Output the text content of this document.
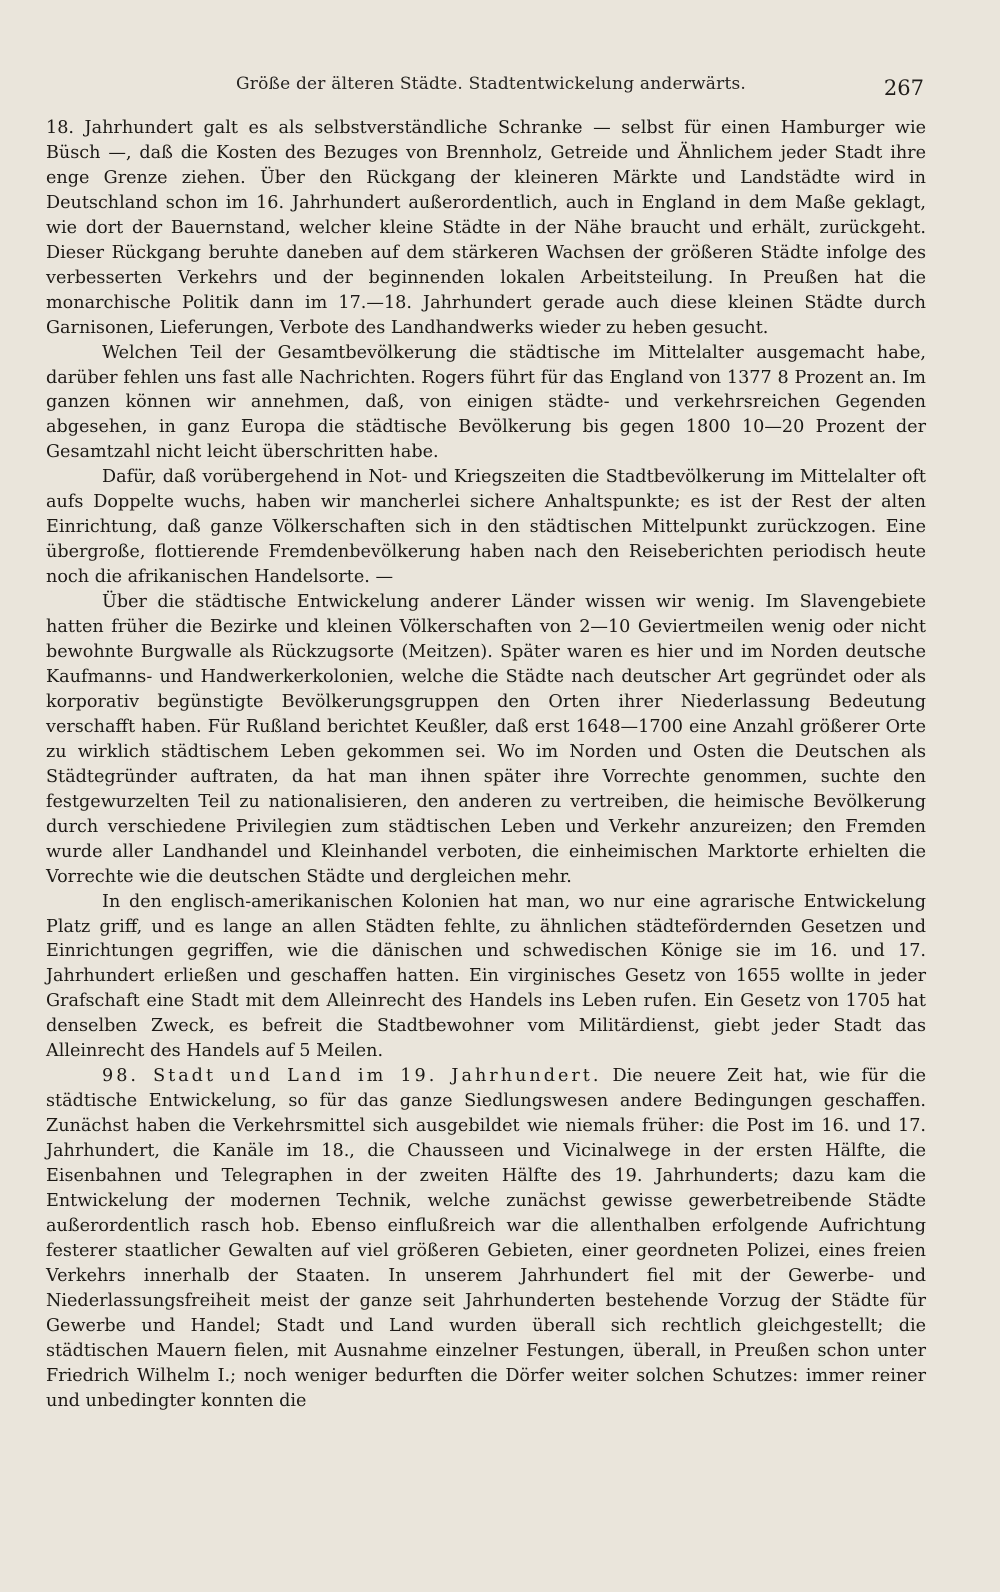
Größe der älteren Städte. Stadtentwickelung anderwärts.	267

18. Jahrhundert galt es als selbstverständliche Schranke — selbst für einen Hamburger wie Büsch —, daß die Kosten des Bezuges von Brennholz, Getreide und Ähnlichem jeder Stadt ihre enge Grenze ziehen. Über den Rückgang der kleineren Märkte und Landstädte wird in Deutschland schon im 16. Jahrhundert außerordentlich, auch in England in dem Maße geklagt, wie dort der Bauernstand, welcher kleine Städte in der Nähe braucht und erhält, zurückgeht. Dieser Rückgang beruhte daneben auf dem stärkeren Wachsen der größeren Städte infolge des verbesserten Verkehrs und der beginnenden lokalen Arbeitsteilung. In Preußen hat die monarchische Politik dann im 17.—18. Jahrhundert gerade auch diese kleinen Städte durch Garnisonen, Lieferungen, Verbote des Landhandwerks wieder zu heben gesucht.

Welchen Teil der Gesamtbevölkerung die städtische im Mittelalter ausgemacht habe, darüber fehlen uns fast alle Nachrichten. Rogers führt für das England von 1377 8 Prozent an. Im ganzen können wir annehmen, daß, von einigen städte- und verkehrsreichen Gegenden abgesehen, in ganz Europa die städtische Bevölkerung bis gegen 1800 10—20 Prozent der Gesamtzahl nicht leicht überschritten habe.

Dafür, daß vorübergehend in Not- und Kriegszeiten die Stadtbevölkerung im Mittelalter oft aufs Doppelte wuchs, haben wir mancherlei sichere Anhaltspunkte; es ist der Rest der alten Einrichtung, daß ganze Völkerschaften sich in den städtischen Mittelpunkt zurückzogen. Eine übergroße, flottierende Fremdenbevölkerung haben nach den Reiseberichten periodisch heute noch die afrikanischen Handelsorte. —

Über die städtische Entwickelung anderer Länder wissen wir wenig. Im Slavengebiete hatten früher die Bezirke und kleinen Völkerschaften von 2—10 Geviertmeilen wenig oder nicht bewohnte Burgwalle als Rückzugsorte (Meitzen). Später waren es hier und im Norden deutsche Kaufmanns- und Handwerkerkolonien, welche die Städte nach deutscher Art gegründet oder als korporativ begünstigte Bevölkerungsgruppen den Orten ihrer Niederlassung Bedeutung verschafft haben. Für Rußland berichtet Keußler, daß erst 1648—1700 eine Anzahl größerer Orte zu wirklich städtischem Leben gekommen sei. Wo im Norden und Osten die Deutschen als Städtegründer auftraten, da hat man ihnen später ihre Vorrechte genommen, suchte den festgewurzelten Teil zu nationalisieren, den anderen zu vertreiben, die heimische Bevölkerung durch verschiedene Privilegien zum städtischen Leben und Verkehr anzureizen; den Fremden wurde aller Landhandel und Kleinhandel verboten, die einheimischen Marktorte erhielten die Vorrechte wie die deutschen Städte und dergleichen mehr.

In den englisch-amerikanischen Kolonien hat man, wo nur eine agrarische Entwickelung Platz griff, und es lange an allen Städten fehlte, zu ähnlichen städtefördernden Gesetzen und Einrichtungen gegriffen, wie die dänischen und schwedischen Könige sie im 16. und 17. Jahrhundert erließen und geschaffen hatten. Ein virginisches Gesetz von 1655 wollte in jeder Grafschaft eine Stadt mit dem Alleinrecht des Handels ins Leben rufen. Ein Gesetz von 1705 hat denselben Zweck, es befreit die Stadtbewohner vom Militärdienst, giebt jeder Stadt das Alleinrecht des Handels auf 5 Meilen.

98. Stadt und Land im 19. Jahrhundert. Die neuere Zeit hat, wie für die städtische Entwickelung, so für das ganze Siedlungswesen andere Bedingungen geschaffen. Zunächst haben die Verkehrsmittel sich ausgebildet wie niemals früher: die Post im 16. und 17. Jahrhundert, die Kanäle im 18., die Chausseen und Vicinalwege in der ersten Hälfte, die Eisenbahnen und Telegraphen in der zweiten Hälfte des 19. Jahrhunderts; dazu kam die Entwickelung der modernen Technik, welche zunächst gewisse gewerbetreibende Städte außerordentlich rasch hob. Ebenso einflußreich war die allenthalben erfolgende Aufrichtung festerer staatlicher Gewalten auf viel größeren Gebieten, einer geordneten Polizei, eines freien Verkehrs innerhalb der Staaten. In unserem Jahrhundert fiel mit der Gewerbe- und Niederlassungsfreiheit meist der ganze seit Jahrhunderten bestehende Vorzug der Städte für Gewerbe und Handel; Stadt und Land wurden überall sich rechtlich gleichgestellt; die städtischen Mauern fielen, mit Ausnahme einzelner Festungen, überall, in Preußen schon unter Friedrich Wilhelm I.; noch weniger bedurften die Dörfer weiter solchen Schutzes: immer reiner und unbedingter konnten die
